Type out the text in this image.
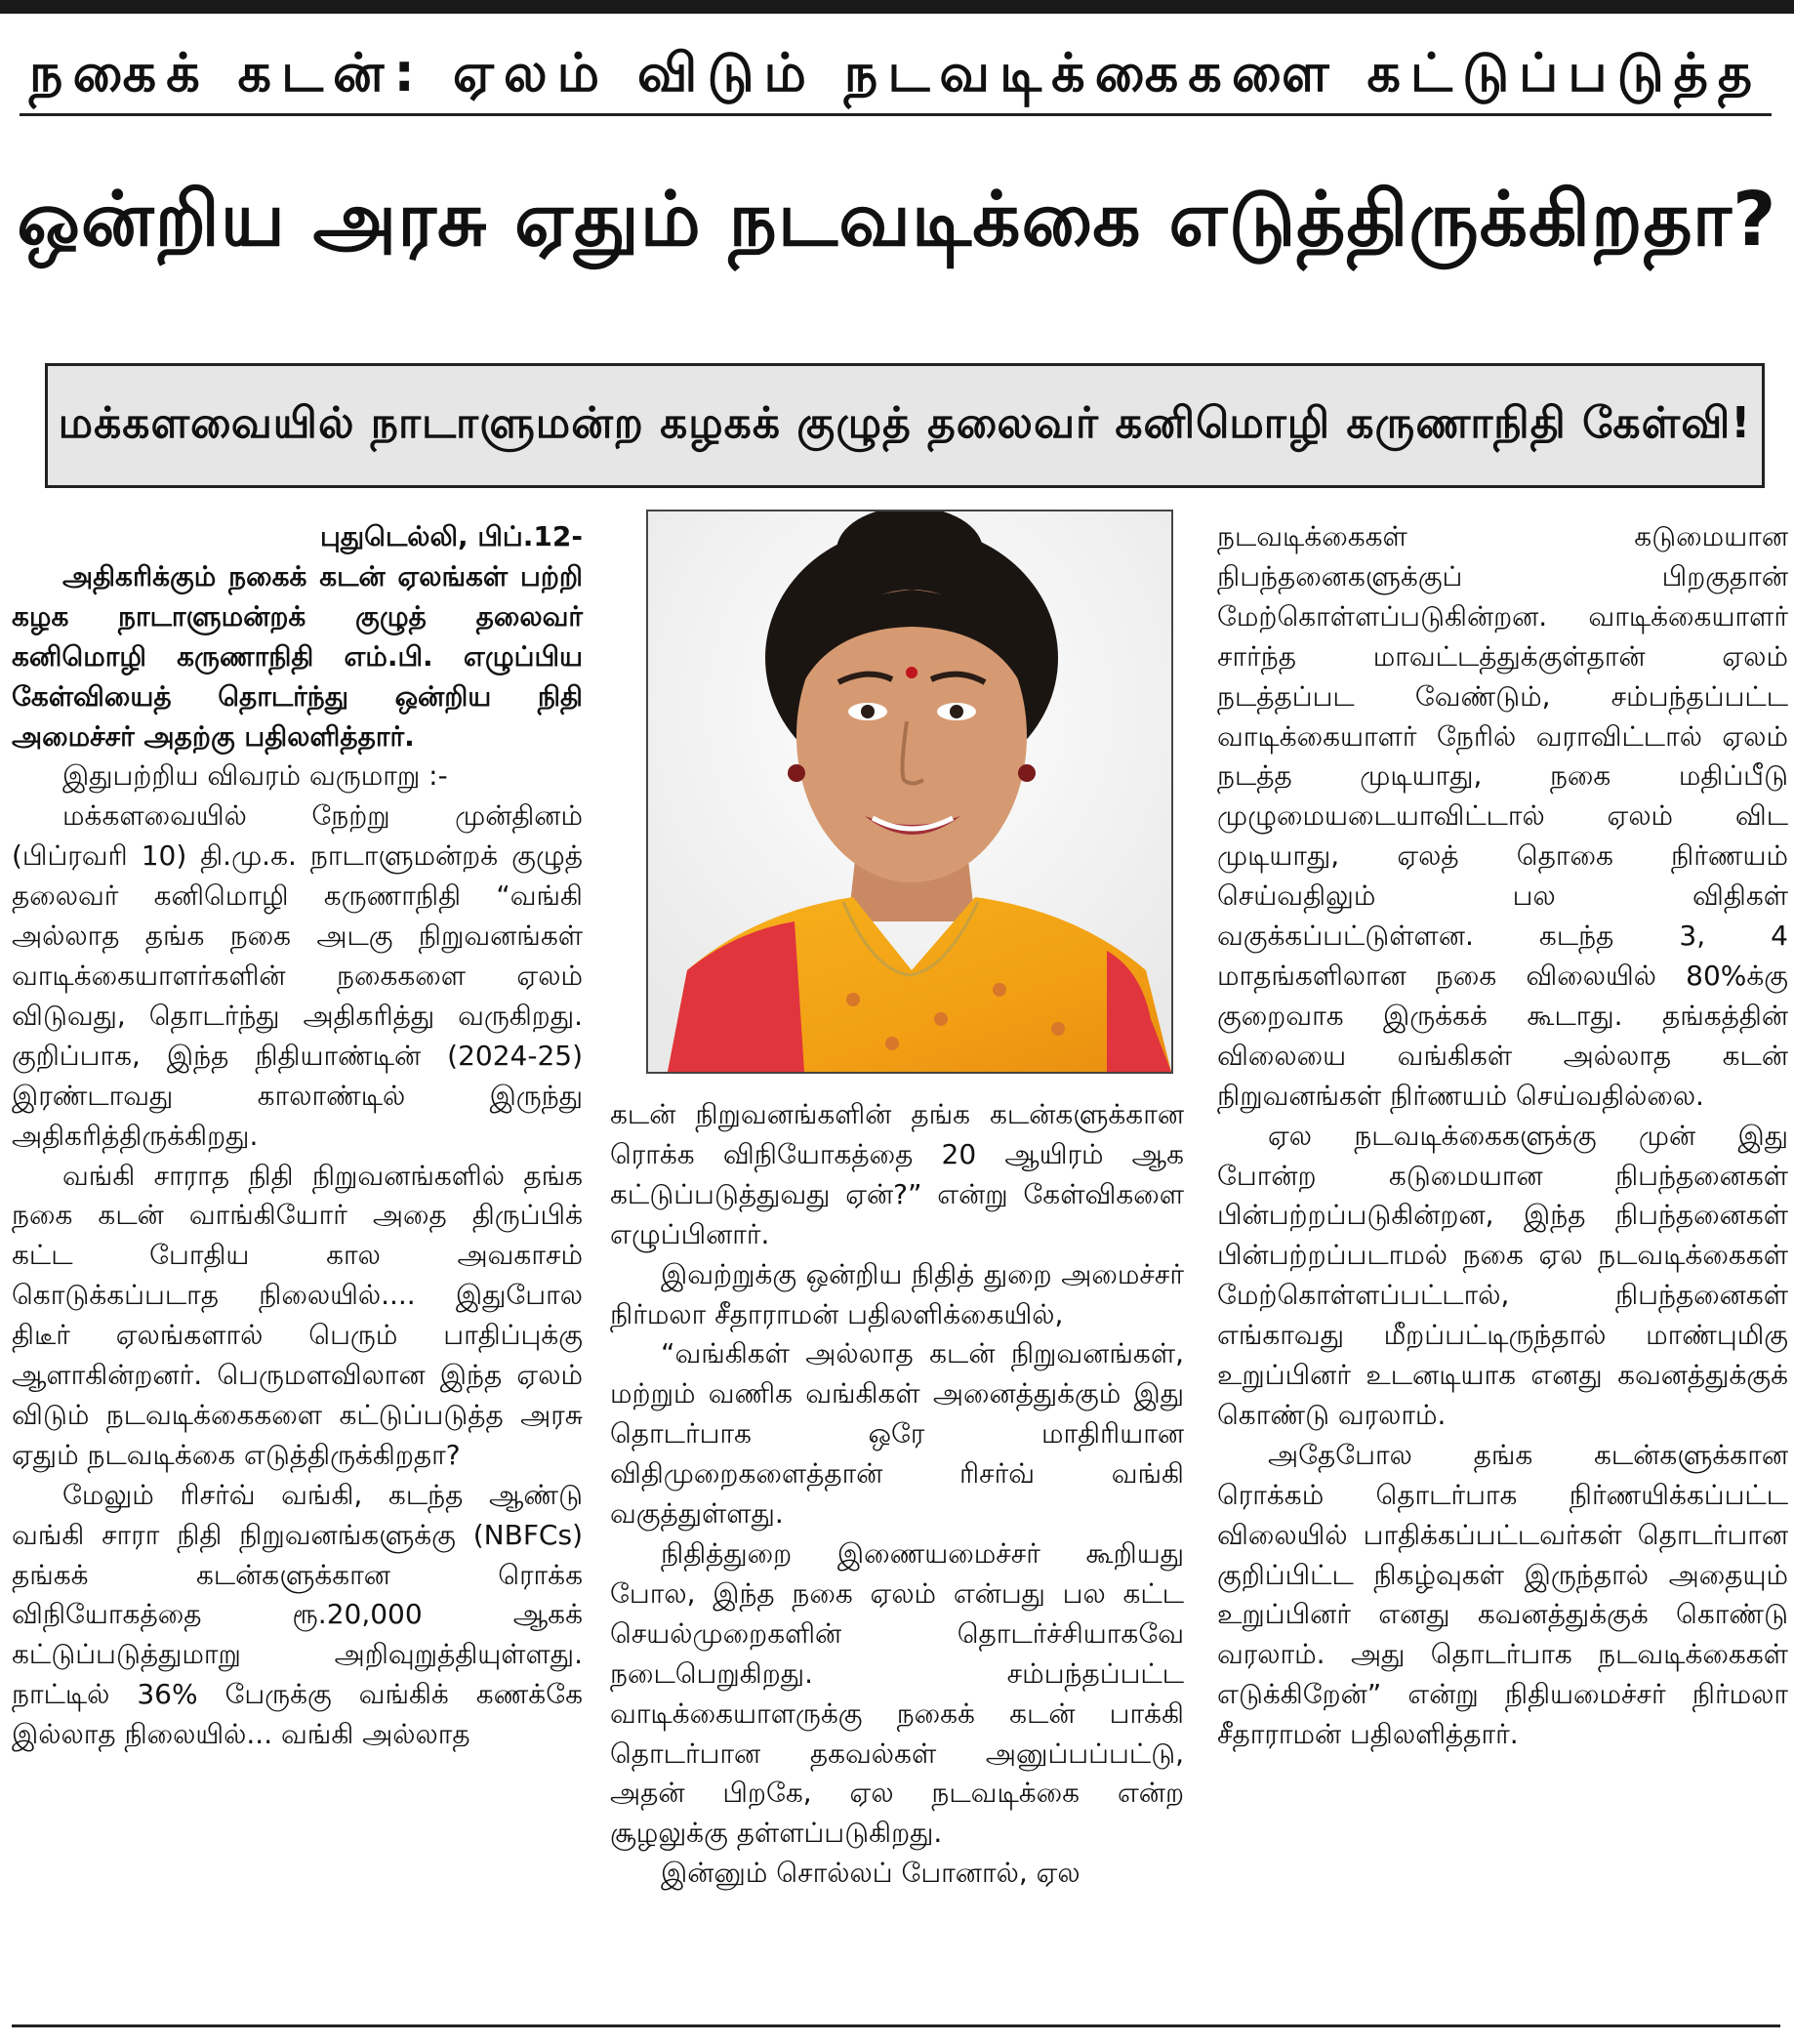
நகைக் கடன்: ஏலம் விடும் நடவடிக்கைகளை கட்டுப்படுத்த
ஒன்றிய அரசு ஏதும் நடவடிக்கை எடுத்திருக்கிறதா?
மக்களவையில் நாடாளுமன்ற கழகக் குழுத் தலைவர் கனிமொழி கருணாநிதி கேள்வி!

புதுடெல்லி, பிப்.12-

அதிகரிக்கும் நகைக் கடன் ஏலங்கள் பற்றி கழக நாடாளுமன்றக் குழுத் தலைவர் கனிமொழி கருணாநிதி எம்.பி. எழுப்பிய கேள்வியைத் தொடர்ந்து ஒன்றிய நிதி அமைச்சர் அதற்கு பதிலளித்தார்.

இதுபற்றிய விவரம் வருமாறு :-

மக்களவையில் நேற்று முன்தினம் (பிப்ரவரி 10) தி.மு.க. நாடாளுமன்றக் குழுத் தலைவர் கனிமொழி கருணாநிதி “வங்கி அல்லாத தங்க நகை அடகு நிறுவனங்கள் வாடிக்கையாளர்களின் நகைகளை ஏலம் விடுவது, தொடர்ந்து அதிகரித்து வருகிறது. குறிப்பாக, இந்த நிதியாண்டின் (2024-25) இரண்டாவது காலாண்டில் இருந்து அதிகரித்திருக்கிறது.

வங்கி சாராத நிதி நிறுவனங்களில் தங்க நகை கடன் வாங்கியோர் அதை திருப்பிக் கட்ட போதிய கால அவகாசம் கொடுக்கப்படாத நிலையில்.... இதுபோல திடீர் ஏலங்களால் பெரும் பாதிப்புக்கு ஆளாகின்றனர். பெருமளவிலான இந்த ஏலம் விடும் நடவடிக்கைகளை கட்டுப்படுத்த அரசு ஏதும் நடவடிக்கை எடுத்திருக்கிறதா?

மேலும் ரிசர்வ் வங்கி, கடந்த ஆண்டு வங்கி சாரா நிதி நிறுவனங்களுக்கு (NBFCs) தங்கக் கடன்களுக்கான ரொக்க விநியோகத்தை ரூ.20,000 ஆகக் கட்டுப்படுத்துமாறு அறிவுறுத்தியுள்ளது. நாட்டில் 36% பேருக்கு வங்கிக் கணக்கே இல்லாத நிலையில்... வங்கி அல்லாத

கடன் நிறுவனங்களின் தங்க கடன்களுக்கான ரொக்க விநியோகத்தை 20 ஆயிரம் ஆக கட்டுப்படுத்துவது ஏன்?” என்று கேள்விகளை எழுப்பினார்.

இவற்றுக்கு ஒன்றிய நிதித் துறை அமைச்சர் நிர்மலா சீதாராமன் பதிலளிக்கையில்,

“வங்கிகள் அல்லாத கடன் நிறுவனங்கள், மற்றும் வணிக வங்கிகள் அனைத்துக்கும் இது தொடர்பாக ஒரே மாதிரியான விதிமுறைகளைத்தான் ரிசர்வ் வங்கி வகுத்துள்ளது.

நிதித்துறை இணையமைச்சர் கூறியது போல, இந்த நகை ஏலம் என்பது பல கட்ட செயல்முறைகளின் தொடர்ச்சியாகவே நடைபெறுகிறது. சம்பந்தப்பட்ட வாடிக்கையாளருக்கு நகைக் கடன் பாக்கி தொடர்பான தகவல்கள் அனுப்பப்பட்டு, அதன் பிறகே, ஏல நடவடிக்கை என்ற சூழலுக்கு தள்ளப்படுகிறது.

இன்னும் சொல்லப் போனால், ஏல

நடவடிக்கைகள் கடுமையான நிபந்தனைகளுக்குப் பிறகுதான் மேற்கொள்ளப்படுகின்றன. வாடிக்கையாளர் சார்ந்த மாவட்டத்துக்குள்தான் ஏலம் நடத்தப்பட வேண்டும், சம்பந்தப்பட்ட வாடிக்கையாளர் நேரில் வராவிட்டால் ஏலம் நடத்த முடியாது, நகை மதிப்பீடு முழுமையடையாவிட்டால் ஏலம் விட முடியாது, ஏலத் தொகை நிர்ணயம் செய்வதிலும் பல விதிகள் வகுக்கப்பட்டுள்ளன. கடந்த 3, 4 மாதங்களிலான நகை விலையில் 80%க்கு குறைவாக இருக்கக் கூடாது. தங்கத்தின் விலையை வங்கிகள் அல்லாத கடன் நிறுவனங்கள் நிர்ணயம் செய்வதில்லை.

ஏல நடவடிக்கைகளுக்கு முன் இது போன்ற கடுமையான நிபந்தனைகள் பின்பற்றப்படுகின்றன, இந்த நிபந்தனைகள் பின்பற்றப்படாமல் நகை ஏல நடவடிக்கைகள் மேற்கொள்ளப்பட்டால், நிபந்தனைகள் எங்காவது மீறப்பட்டிருந்தால் மாண்புமிகு உறுப்பினர் உடனடியாக எனது கவனத்துக்குக் கொண்டு வரலாம்.

அதேபோல தங்க கடன்களுக்கான ரொக்கம் தொடர்பாக நிர்ணயிக்கப்பட்ட விலையில் பாதிக்கப்பட்டவர்கள் தொடர்பான குறிப்பிட்ட நிகழ்வுகள் இருந்தால் அதையும் உறுப்பினர் எனது கவனத்துக்குக் கொண்டு வரலாம். அது தொடர்பாக நடவடிக்கைகள் எடுக்கிறேன்” என்று நிதியமைச்சர் நிர்மலா சீதாராமன் பதிலளித்தார்.
